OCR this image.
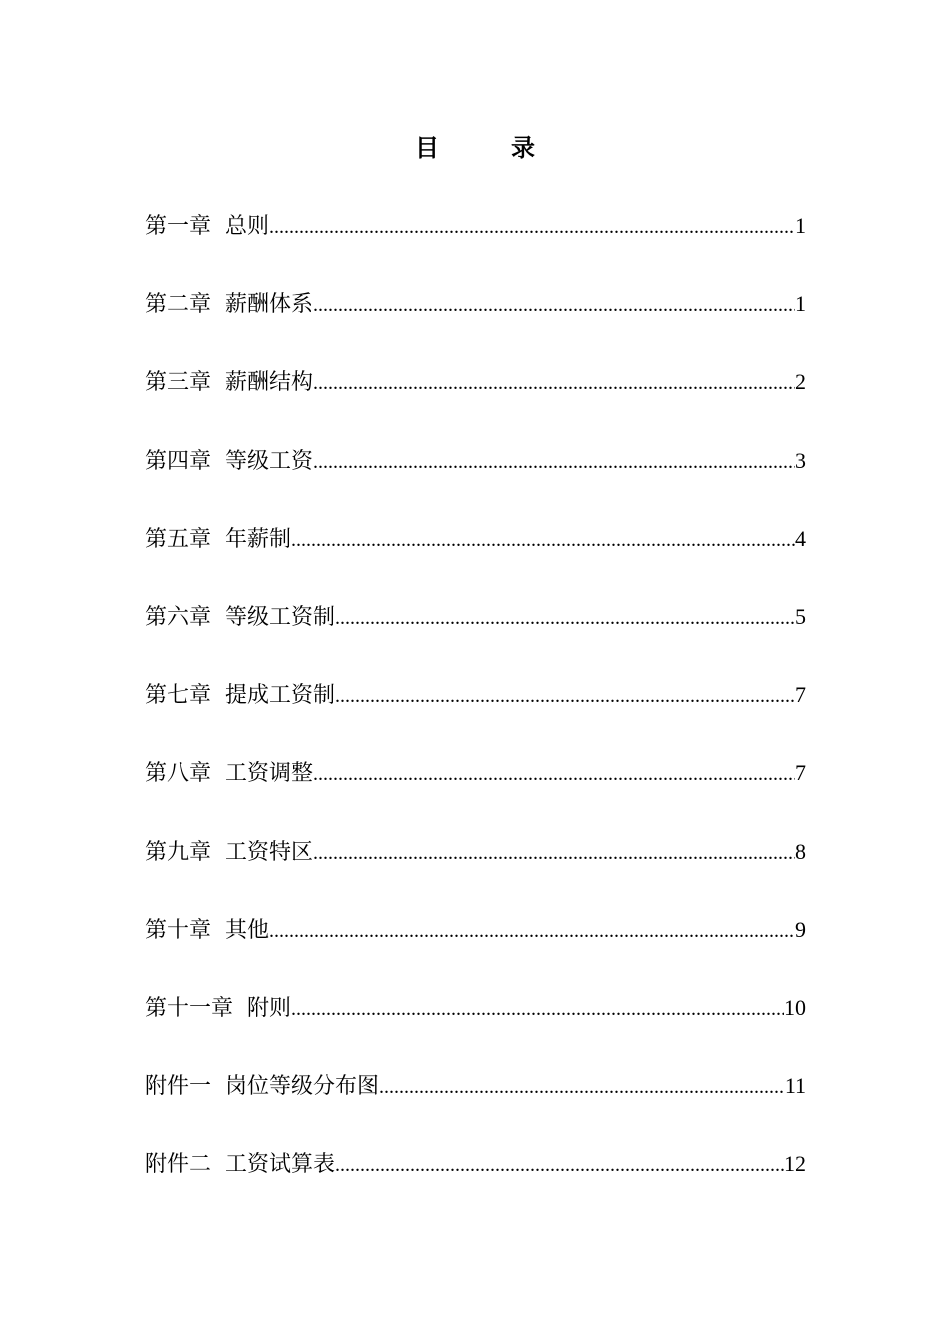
目　录
第一章 总则 .....	1
第二章 薪酬体系 .....	1
第三章 薪酬结构 .....	2
第四章 等级工资 .....	3
第五章 年薪制 .....	4
第六章 等级工资制 .....	5
第七章 提成工资制 .....	7
第八章 工资调整 .....	7
第九章 工资特区 .....	8
第十章 其他 .....	9
第十一章 附则 .....	10
附件一 岗位等级分布图 .....	11
附件二 工资试算表 .....	12
